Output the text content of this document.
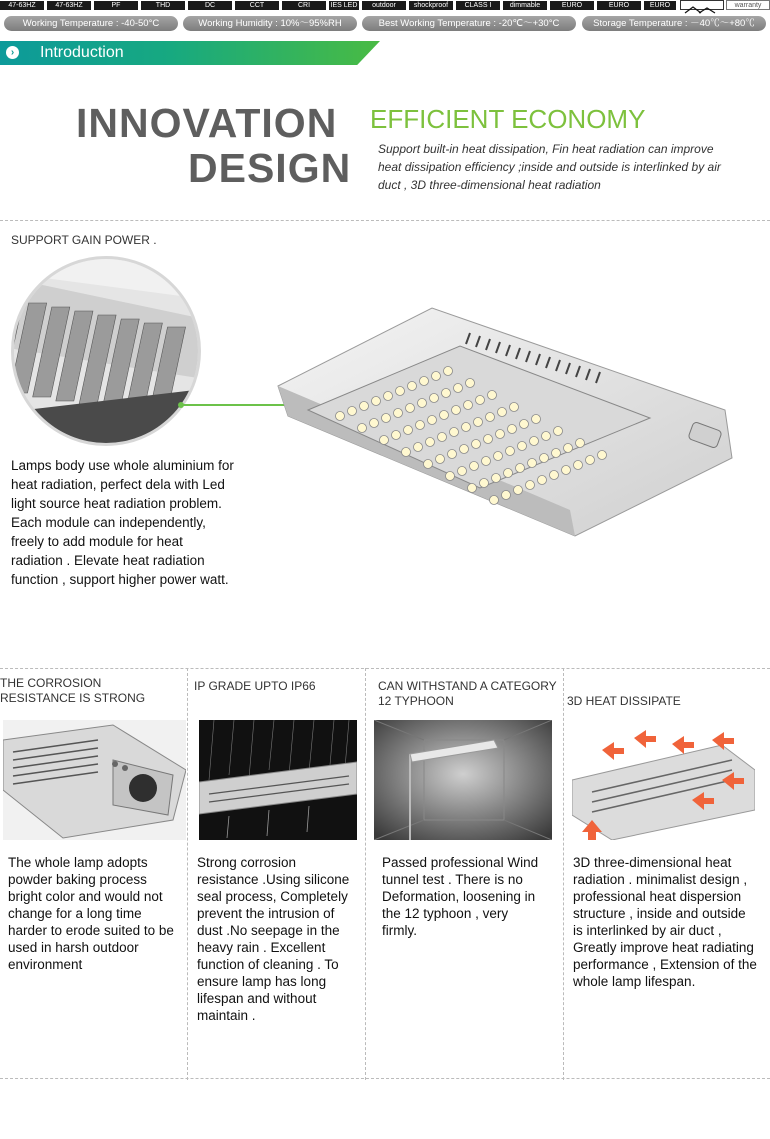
47-63HZ	47-63HZ	PF	THD	DC	CCT	CRI	IES LED	outdoor	shockproof	CLASS I	dimmable	EURO	EURO	EURO	warranty
Working Temperature : -40-50°C	Working Humidity : 10%～95%RH	Best Working Temperature : -20℃～+30°C	Storage Temperature : －40℃～+80℃
›	Introduction
INNOVATION
DESIGN
EFFICIENT ECONOMY
Support built-in heat dissipation, Fin heat radiation can improve heat dissipation efficiency ;inside and outside is interlinked by air duct , 3D three-dimensional heat radiation
SUPPORT GAIN POWER .
Lamps body use whole aluminium for heat radiation, perfect dela with Led light source heat radiation problem. Each module can independently, freely to add module for heat radiation . Elevate heat radiation function , support higher power watt.
THE CORROSION RESISTANCE IS STRONG
IP GRADE UPTO IP66	CAN WITHSTAND A CATEGORY 12 TYPHOON	3D HEAT DISSIPATE
The whole lamp adopts powder baking process bright color and would not change for a long time harder to erode suited to be used in harsh outdoor environment
Strong corrosion resistance .Using silicone seal process, Completely prevent the intrusion of dust .No seepage in the heavy rain . Excellent function of cleaning . To ensure lamp has long lifespan and without maintain .
Passed professional Wind tunnel test . There is no Deformation, loosening in the 12 typhoon , very firmly.
3D three-dimensional heat radiation . minimalist design , professional heat dispersion structure , inside and outside is interlinked by air duct , Greatly improve heat radiating performance , Extension of the whole lamp lifespan.
